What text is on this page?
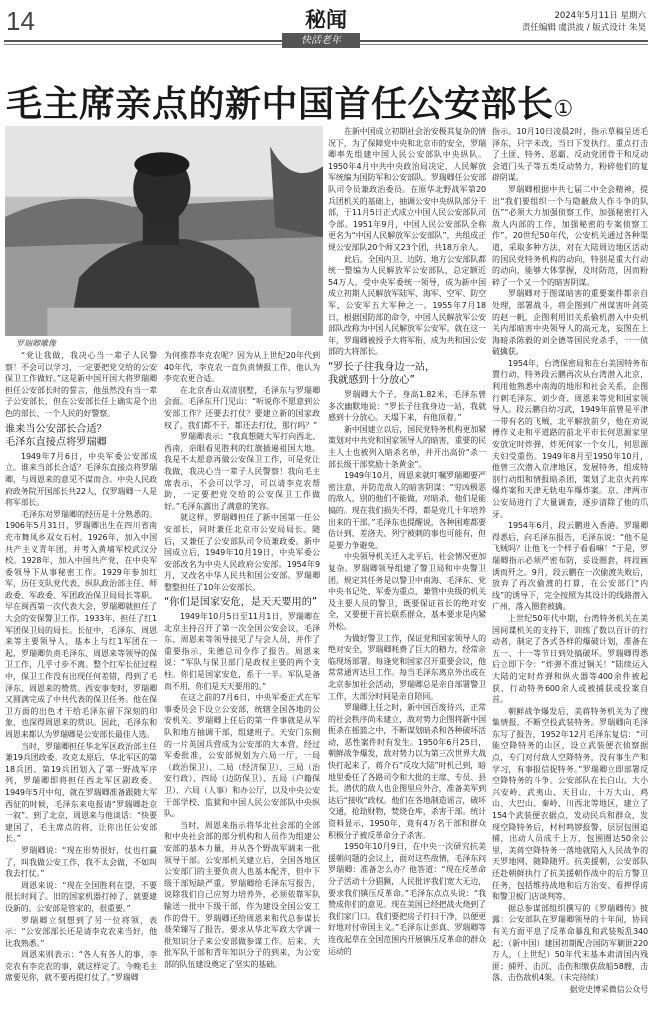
14	秘闻
快活老年
2024年5月11日 星期六
责任编辑 虞洪波 / 版式设计 朱昊
毛主席亲点的新中国首任公安部长①
罗瑞卿雕像

“党让我做，我决心当一辈子人民警察！不会可以学习，一定要把党交给的公安保卫工作做好。”这是新中国开国大将罗瑞卿担任公安部长时的誓言，他虽然没有当一辈子公安部长，但在公安部长任上确实是个出色的部长、一个人民的好警察。

谁来当公安部长合适？
毛泽东直接点将罗瑞卿

1949年7月6日，中央军委公安部成立。谁来当部长合适？毛泽东直接点将罗瑞卿，与周恩来的意见不谋而合。中央人民政府政务院开国部长共22人，仅罗瑞卿一人是将军部长。

毛泽东对罗瑞卿的经历是十分熟悉的。1906年5月31日，罗瑞卿出生在四川省南充市舞凤乡双女石村。1926年，加入中国共产主义青年团，并考入黄埔军校武汉分校。1928年，加入中国共产党，在中央军委领导下从事秘密工作。1929年参加红军，历任支队党代表、纵队政治部主任、师政委、军政委、军团政治保卫局局长等职。早在闽西第一次代表大会，罗瑞卿就担任了大会的安保警卫工作。1933年，担任了红1军团保卫局的局长。长征中，毛泽东、周恩来等主要领导人，基本上与红1军团在一起，罗瑞卿负责毛泽东、周恩来等领导的保卫工作，几乎寸步不离。整个红军长征过程中，保卫工作没有出现任何差错，得到了毛泽东、周恩来的赞赏。西安事变时，罗瑞卿又圆满完成了中共代表的保卫任务。他在保卫方面的出色才干给毛泽东留下深刻的印象，也深得周恩来的赏识。因此，毛泽东和周恩来都认为罗瑞卿是公安部长最佳人选。

当时，罗瑞卿担任华北军区政治部主任兼19兵团政委。攻克太原后，华北军区的第18兵团、第19兵团划入了第一野战军序列，罗瑞卿即将担任西北军区副政委。1949年5月中旬，就在罗瑞卿准备跟随大军西征的时候，毛泽东来电报请“罗瑞卿赴京一叙”。到了北京，周恩来与他谈话：“快要建国了，毛主席点的将，让你出任公安部长。”

罗瑞卿说：“现在形势很好，仗也打赢了，叫我做公安工作，我不太会做，不如叫我去打仗。”

周恩来说：“现在全国胜利在望，不要很长时间了。旧的国家机器打掉了，就要建设新的。公安部是管家的，很重要。”

罗瑞卿立刻想到了另一位将领，表示：“公安部部长还是请李克农来当好，他比我熟悉。”

周恩来则表示：“各人有各人的事，李克农有李克农的事，就这样定了。今晚毛主席要见你，就不要再提打仗了。”罗瑞卿

为何推荐李克农呢？因为从上世纪20年代到40年代，李克农一直负责情报工作，他认为李克农更合适。

在北京香山双清别墅，毛泽东与罗瑞卿会面。毛泽东开门见山：“听说你不愿意到公安部工作？还要去打仗？要建立新的国家政权了，我们都不干，都还去打仗，那行吗？”

罗瑞卿表示：“我真想随大军打向西北、西南，亲眼看见胜利的红旗插遍祖国大地。我是不太愿意再做公安保卫工作，可是党让我做，我决心当一辈子人民警察！我向毛主席表示，不会可以学习，可以请李克农帮助，一定要把党交给的公安保卫工作做好。”毛泽东露出了满意的笑容。

就这样，罗瑞卿担任了新中国第一任公安部长，同时兼任北京市公安局局长。随后，又兼任了公安部队司令员兼政委。新中国成立后，1949年10月19日，中央军委公安部改名为中央人民政府公安部。1954年9月，又改名中华人民共和国公安部。罗瑞卿整整担任了10年公安部长。

“你们是国家安危，是天天要用的”

1949年10月5日至11月1日，罗瑞卿在北京主持召开了第一次全国公安会议，毛泽东、周恩来等领导接见了与会人员，并作了重要指示，朱德总司令作了报告。周恩来说：“军队与保卫部门是政权主要的两个支柱。你们是国家安危，系于一半。军队是备而不用，你们是天天要用的。”

在这之前的7月6日，中央军委正式在军事委员会下设立公安部，统辖全国各地的公安机关。罗瑞卿上任后的第一件事就是从军队和地方抽调干部，组建班子。天安门东侧的一片英国兵营成为公安部的大本营。经过军委批准，公安部规划为六局一厅，一局（政治保卫）、二局（经济保卫）、三局（治安行政）、四局（边防保卫）、五局（户籍保卫）、六局（人事）和办公厅，以及中央公安干部学校、监狱和中国人民公安部队中央纵队。

当时，周恩来指示将华北社会部的全部和中央社会部的部分机构和人员作为组建公安部的基本力量，并从各个野战军调来一批领导干部。公安部机关建立后，全国各地区公安部门的主要负责人也基本配齐，但中下级干部短缺严重。罗瑞卿给毛泽东写报告，说除我们自己应努力培养外，必须依靠军队输送一批中下级干部，作为建设全国公安工作的骨干。罗瑞卿还给周恩来和代总参谋长聂荣臻写了报告，要求从华北军政大学调一批知识分子来公安部做参谋工作。后来，大批军队干部和青年知识分子的到来，为公安部的队伍建设奠定了坚实的基础。

在新中国成立初期社会治安极其复杂的情况下，为了保障党中央和北京市的安全，罗瑞卿率先组建中国人民公安部队中央纵队。1950年4月中共中央政治局决定，人民解放军统编为国防军和公安部队。罗瑞卿任公安部队司令员兼政治委员。在原华北野战军第20兵团机关的基础上，抽调公安中央纵队部分干部，于11月5日正式成立中国人民公安部队司令部。1951年9月，中国人民公安部队全称更名为“中国人民解放军公安部队”，共组成正规公安部队20个师又23个团，共18万余人。

此后，全国内卫、边防、地方公安部队都统一整编为人民解放军公安部队，总定额近54万人，受中央军委统一领导，成为新中国成立初期人民解放军陆军、海军、空军、防空军、公安军五大军种之一。1955年7月18日，根据国防部的命令，中国人民解放军公安部队改称为中国人民解放军公安军。就在这一年，罗瑞卿被授予大将军衔，成为共和国公安部的大将部长。

“罗长子往我身边一站，
我就感到十分放心”

罗瑞卿大个子，身高1.82米，毛泽东曾多次幽默地说：“罗长子往我身边一站，我就感到十分放心。天塌下来，有他顶着。”

新中国建立以后，国民党特务机构更加紧策划对中共党和国家领导人的暗害，重要的民主人士也被列入暗杀名单，并开出高价“杀一部长级干部奖励十条黄金”。

1949年10月，周恩来就叮嘱罗瑞卿要严密注意，并防范敌人的暗害阴谋：“穷凶极恶的敌人，别的他们不能做，对暗杀，他们是能搞的。现在我们损失不得，都是党几十年培养出来的干部。”毛泽东也提醒说，各种困难都要估计到，差洛夫、列宁被刺的事也可能有，但是要力争避免。

中央领导机关迁入北平后，社会情况更加复杂。罗瑞卿领导组建了警卫局和中央警卫团，规定其任务是以警卫中南海、毛泽东、党中央书记处、军委为重点，兼管中央级的机关及主要人员的警卫，既要保证首长的绝对安全，又要便于首长联系群众，基本要求是内紧外松。

为做好警卫工作，保证党和国家领导人的绝对安全，罗瑞卿耗费了巨大的精力，经常亲临现场部署。每逢党和国家召开重要会议，他常常通宵达旦工作。每当毛泽东离京外出或在北京参加社会活动，罗瑞卿总是亲自部署警卫工作，大部分时间是亲自陪同。

罗瑞卿上任之时，新中国百废待兴，正常的社会秩序尚未建立，敌对势力企图将新中国扼杀在摇篮之中，不断谋划暗杀和各种破坏活动，恶性案件时有发生。1950年6月25日，朝鲜战争爆发，敌对势力以为第三次世界大战快打起来了，蒋介石“反攻大陆”时机已到，暗地里委任了各路司令和大批的主席、专员、县长，潜伏的敌人也企图里应外合，准备美军到达后“接收”政权。他们在各地制造谣言，破坏交通，抢劫财物，焚烧仓库，杀害干部。统计资料显示，1950年，竟有4万名干部和群众积极分子被反革命分子杀害。

1950年10月9日，在中央一次研究抗美援朝问题的会议上，面对这些敌情，毛泽东问罗瑞卿：准备怎么办？他答道：“现在反革命分子活动十分猖獗，人民批评我们宽大无边，要求我们镇压反革命。”毛泽东点点头说：“我赞成你们的意见。现在美国已经把战火烧到了我们家门口。我们要把房子打扫干净，以便更好地对付帝国主义。”毛泽东让彭真、罗瑞卿等连夜起草在全国范围内开展镇压反革命的群众运动的

指示。10月10日凌晨2时，指示草稿呈送毛泽东，只字未改，当日下发执行。重点打击了土匪、特务、恶霸、反动党团骨干和反动会道门头子等五类反动势力，粉碎他们的复辟阴谋。

罗瑞卿根据中共七届二中全会精神，提出“我们要组织一个与隐蔽敌人作斗争的队伍”“必须大力加强侦察工作，加强秘密打入敌人内部的工作，加强秘密的专案侦察工作”。20世纪50年代，公安机关通过各种渠道，采取多种方法，对在大陆周边地区活动的国民党特务机构的动向，特别是重大行动的动向，能够大体掌握，及时防范，因而粉碎了一个又一个的暗害阴谋。

罗瑞卿对于图谋暗害的重要案件都亲自处理，部署战斗，将企图到广州谋害叶剑英的赵一帆，企图利用旧关系偷机潜入中央机关内部暗害中央领导人的高元龙，妄图在上海暗杀陈毅的刘全德等国民党杀手，一一侦破擒获。

1954年，台湾保密局和在台美国特务布置行动，特务段云鹏再次从台湾潜入北京，利用他熟悉中南海的地形和社会关系，企图行刺毛泽东、刘少奇、周恩来等党和国家领导人。段云鹏自幼习武，1949年前曾是平津一带有名的飞贼，北平解放前夕，他在劝说傅作义走和平道路的前北平市长何思源家里安放定时炸弹，炸死何家一个女儿，何思源夫妇受重伤。1949年8月至1950年10月，他曾三次潜入京津地区，发展特务，组成特别行动组和情报暗杀团，策划了北京火药库爆炸案和天津无轨电车爆炸案。京、津两市公安局进行了大量调查，逐步清除了他的爪牙。

1954年6月，段云鹏进入香港。罗瑞卿得悉后，向毛泽东报告，毛泽东说：“他不是飞贼吗？让他飞一个样子看看嘛！”于是，罗瑞卿指示必须严密布防，妥设圈套，将段画诱而歼之。9月，段云鹏在一次偷渡失败后，放弃了再次偷渡的打算，在公安部门“内线”的诱导下，完全按照为其设计的线路潜入广州，落入圈套被擒。

上世纪50年代中期，台湾特务机关在美国间谍机关的支持下，训练了数以百计的行动者，制定了各式各样的爆破计划，准备在五一、十一等节日到处搞破坏。罗瑞卿得悉后立即下令：“炸弹不准过铜关！”陆续运入大陆的定时炸弹和纵火器等400余件被起获，行动特务600余人或被捕获或投案自首。

朝鲜战争爆发后，美蒋特务机关为了搜集情报，不断空投武装特务。罗瑞卿向毛泽东写了报告，1952年12月毛泽东复信：“可能空降特务的山区，设立武装便衣侦察据点，专门对付敌人空降特务，没有事生产和学习，有事报信捉特务。”罗瑞卿立即部署反空降特务的斗争。公安部队在长白山、大小兴安岭、武夷山、天目山、十万大山、鸡山、大巴山、秦岭、川西北等地区，建立了154个武装便衣据点，发动民兵和群众，发现空降特务后，村村鸣锣报警，层层包围追捕，出动人员成千上万，包围圈达50余公里，美蒋空降特务一落地就陷入人民战争的天罗地网，随降随歼。抗美援朝，公安部队还赴朝鲜执行了抗美援朝作战中的后方警卫任务，包括维持战地和后方治安、看押俘虏和警卫板门店谈判等。

据总参谋部组织撰写的《罗瑞卿传》披露：公安部队在罗瑞卿领导的十年间，协同有关方面平息了反革命暴乱和武装叛乱340起；（新中国）建国初期配合国防军剿匪220万人，（上世纪）50年代末基本肃清国内残匪；捕歼、击沉、击伤和缴获敌船58艘，击落、击伤敌机4架。（未完待续）

据党史博采微信公众号
